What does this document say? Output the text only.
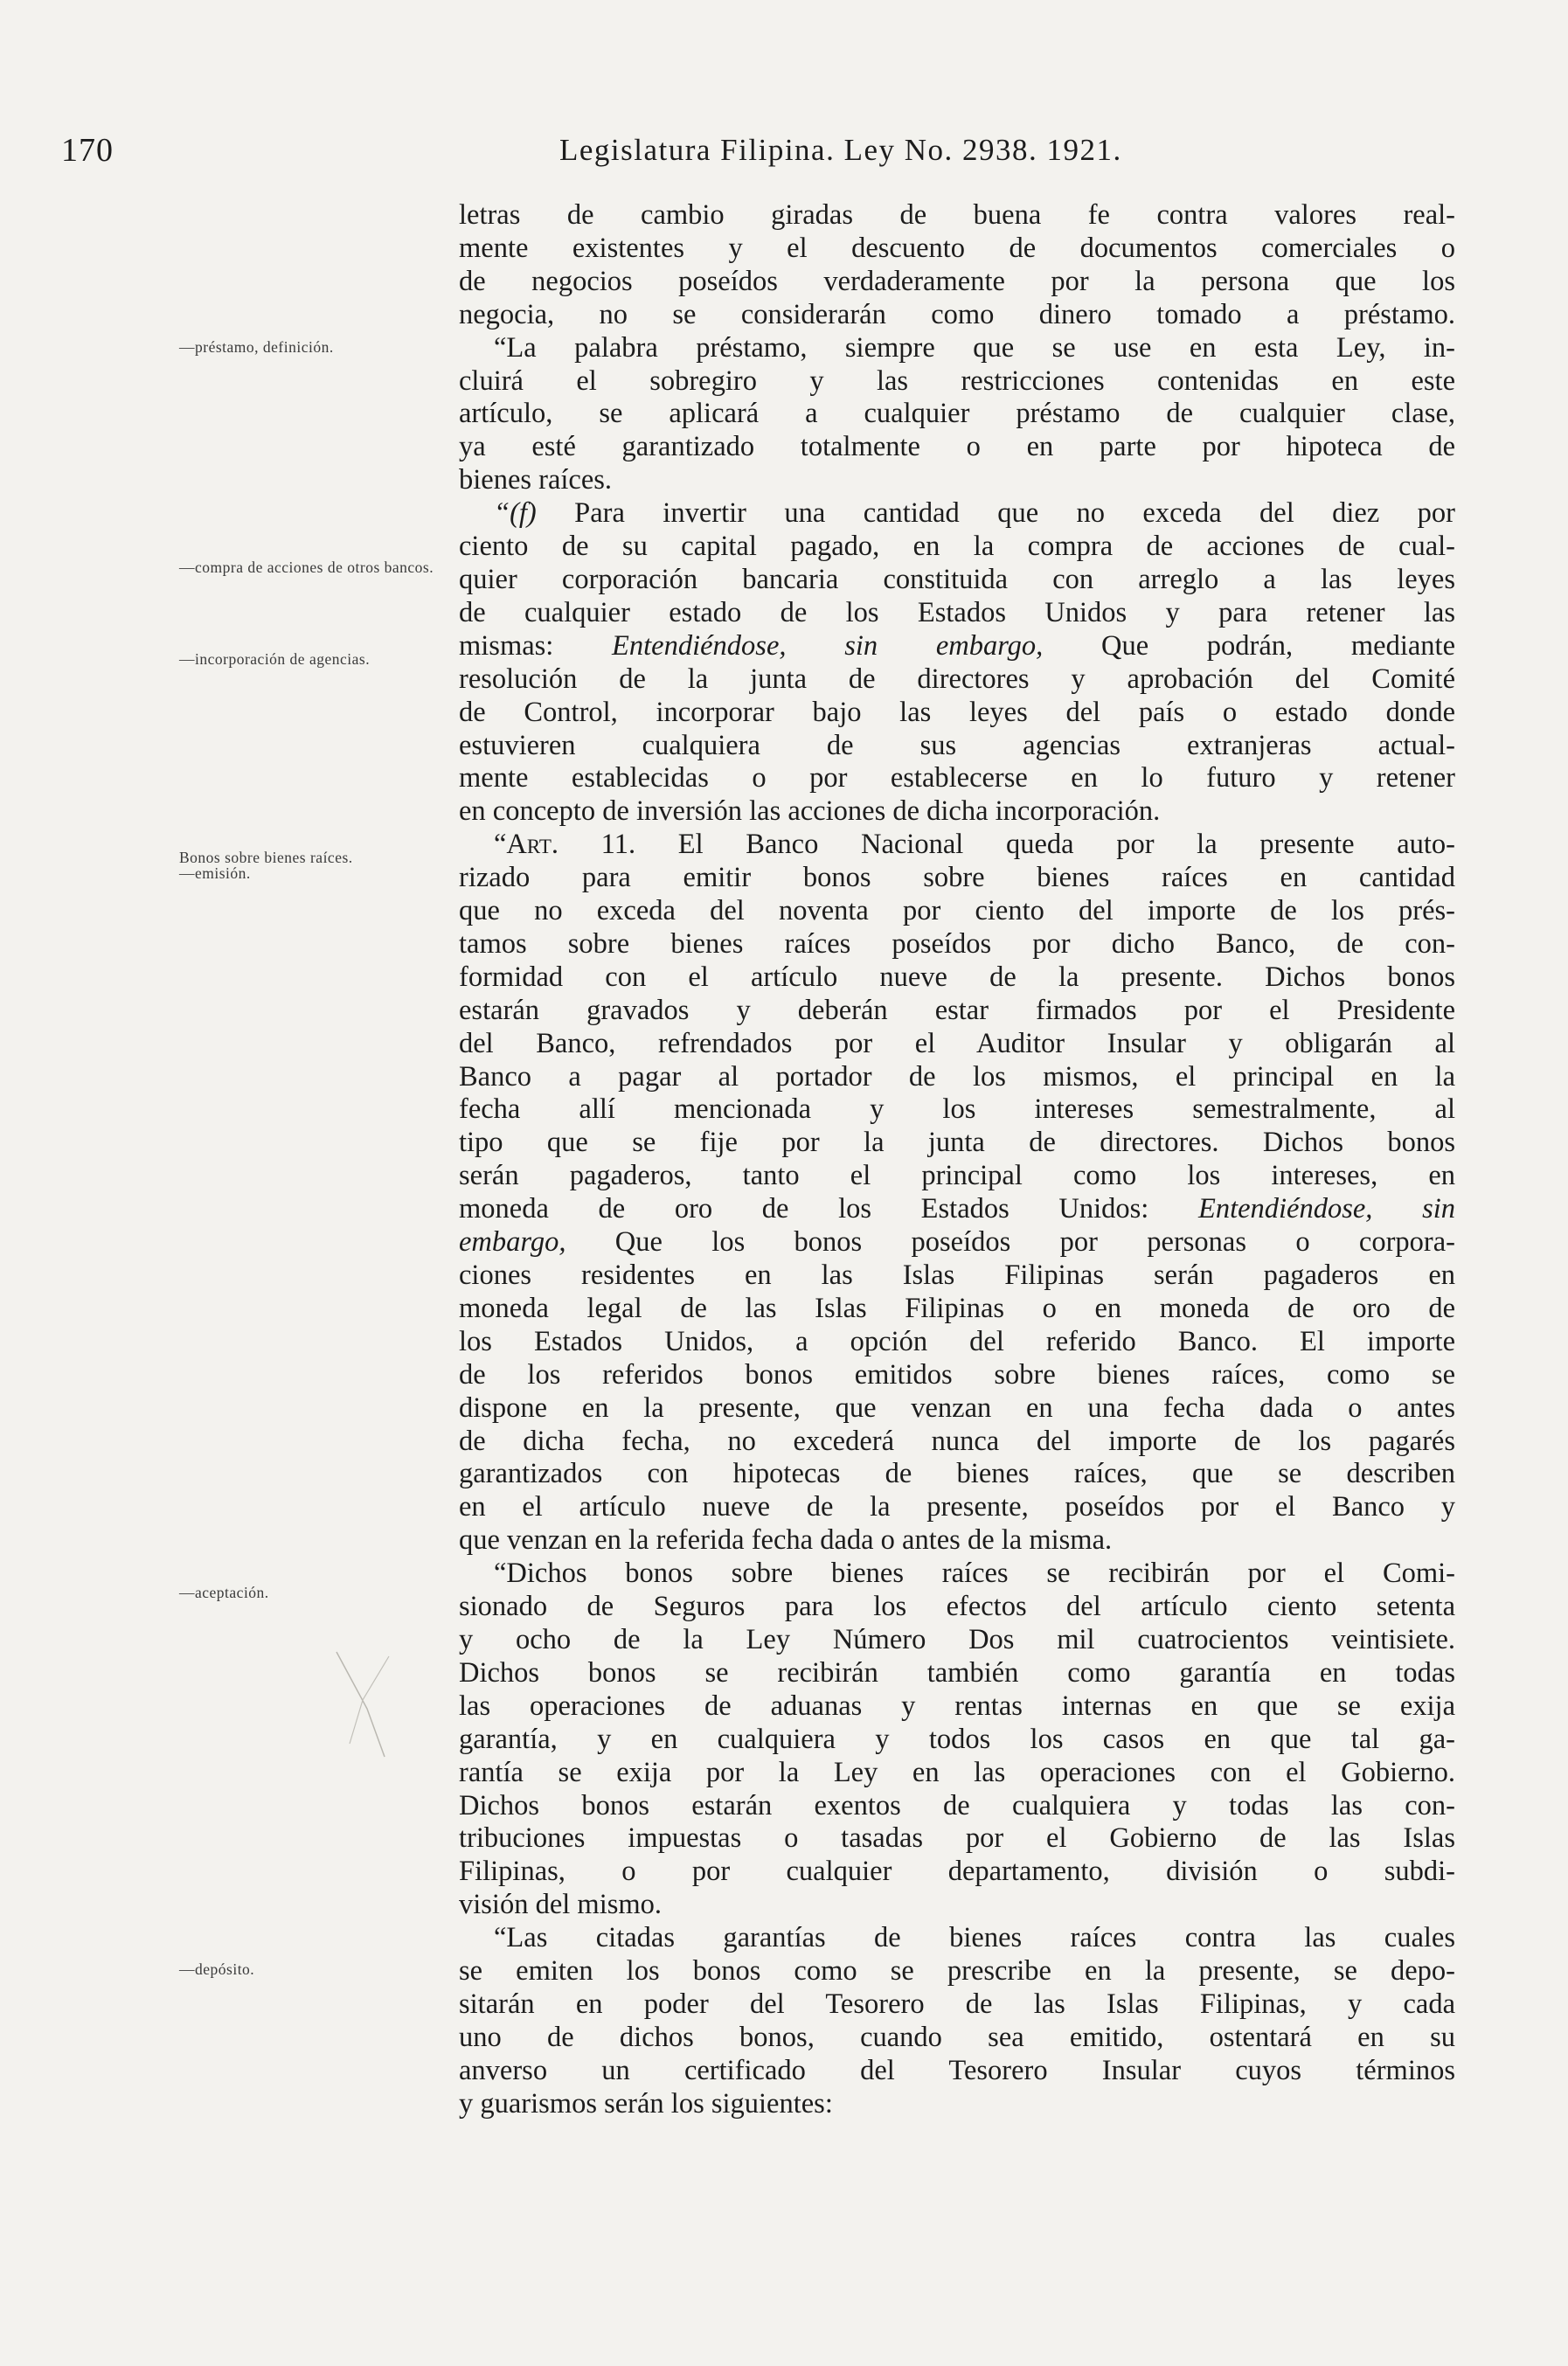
170	Legislatura Filipina. Ley No. 2938. 1921.
—préstamo, definición.
—compra de acciones de otros bancos.
—incorporación de agencias.
Bonos sobre bienes raíces.
—emisión.
—aceptación.
—depósito.
letras de cambio giradas de buena fe contra valores real-
mente existentes y el descuento de documentos comerciales o
de negocios poseídos verdaderamente por la persona que los
negocia, no se considerarán como dinero tomado a préstamo.
“La palabra préstamo, siempre que se use en esta Ley, in-
cluirá el sobregiro y las restricciones contenidas en este
artículo, se aplicará a cualquier préstamo de cualquier clase,
ya esté garantizado totalmente o en parte por hipoteca de
bienes raíces.
“(f) Para invertir una cantidad que no exceda del diez por
ciento de su capital pagado, en la compra de acciones de cual-
quier corporación bancaria constituida con arreglo a las leyes
de cualquier estado de los Estados Unidos y para retener las
mismas: Entendiéndose, sin embargo, Que podrán, mediante
resolución de la junta de directores y aprobación del Comité
de Control, incorporar bajo las leyes del país o estado donde
estuvieren cualquiera de sus agencias extranjeras actual-
mente establecidas o por establecerse en lo futuro y retener
en concepto de inversión las acciones de dicha incorporación.
“Art. 11. El Banco Nacional queda por la presente auto-
rizado para emitir bonos sobre bienes raíces en cantidad
que no exceda del noventa por ciento del importe de los prés-
tamos sobre bienes raíces poseídos por dicho Banco, de con-
formidad con el artículo nueve de la presente. Dichos bonos
estarán gravados y deberán estar firmados por el Presidente
del Banco, refrendados por el Auditor Insular y obligarán al
Banco a pagar al portador de los mismos, el principal en la
fecha allí mencionada y los intereses semestralmente, al
tipo que se fije por la junta de directores. Dichos bonos
serán pagaderos, tanto el principal como los intereses, en
moneda de oro de los Estados Unidos: Entendiéndose, sin
embargo, Que los bonos poseídos por personas o corpora-
ciones residentes en las Islas Filipinas serán pagaderos en
moneda legal de las Islas Filipinas o en moneda de oro de
los Estados Unidos, a opción del referido Banco. El importe
de los referidos bonos emitidos sobre bienes raíces, como se
dispone en la presente, que venzan en una fecha dada o antes
de dicha fecha, no excederá nunca del importe de los pagarés
garantizados con hipotecas de bienes raíces, que se describen
en el artículo nueve de la presente, poseídos por el Banco y
que venzan en la referida fecha dada o antes de la misma.
“Dichos bonos sobre bienes raíces se recibirán por el Comi-
sionado de Seguros para los efectos del artículo ciento setenta
y ocho de la Ley Número Dos mil cuatrocientos veintisiete.
Dichos bonos se recibirán también como garantía en todas
las operaciones de aduanas y rentas internas en que se exija
garantía, y en cualquiera y todos los casos en que tal ga-
rantía se exija por la Ley en las operaciones con el Gobierno.
Dichos bonos estarán exentos de cualquiera y todas las con-
tribuciones impuestas o tasadas por el Gobierno de las Islas
Filipinas, o por cualquier departamento, división o subdi-
visión del mismo.
“Las citadas garantías de bienes raíces contra las cuales
se emiten los bonos como se prescribe en la presente, se depo-
sitarán en poder del Tesorero de las Islas Filipinas, y cada
uno de dichos bonos, cuando sea emitido, ostentará en su
anverso un certificado del Tesorero Insular cuyos términos
y guarismos serán los siguientes:
